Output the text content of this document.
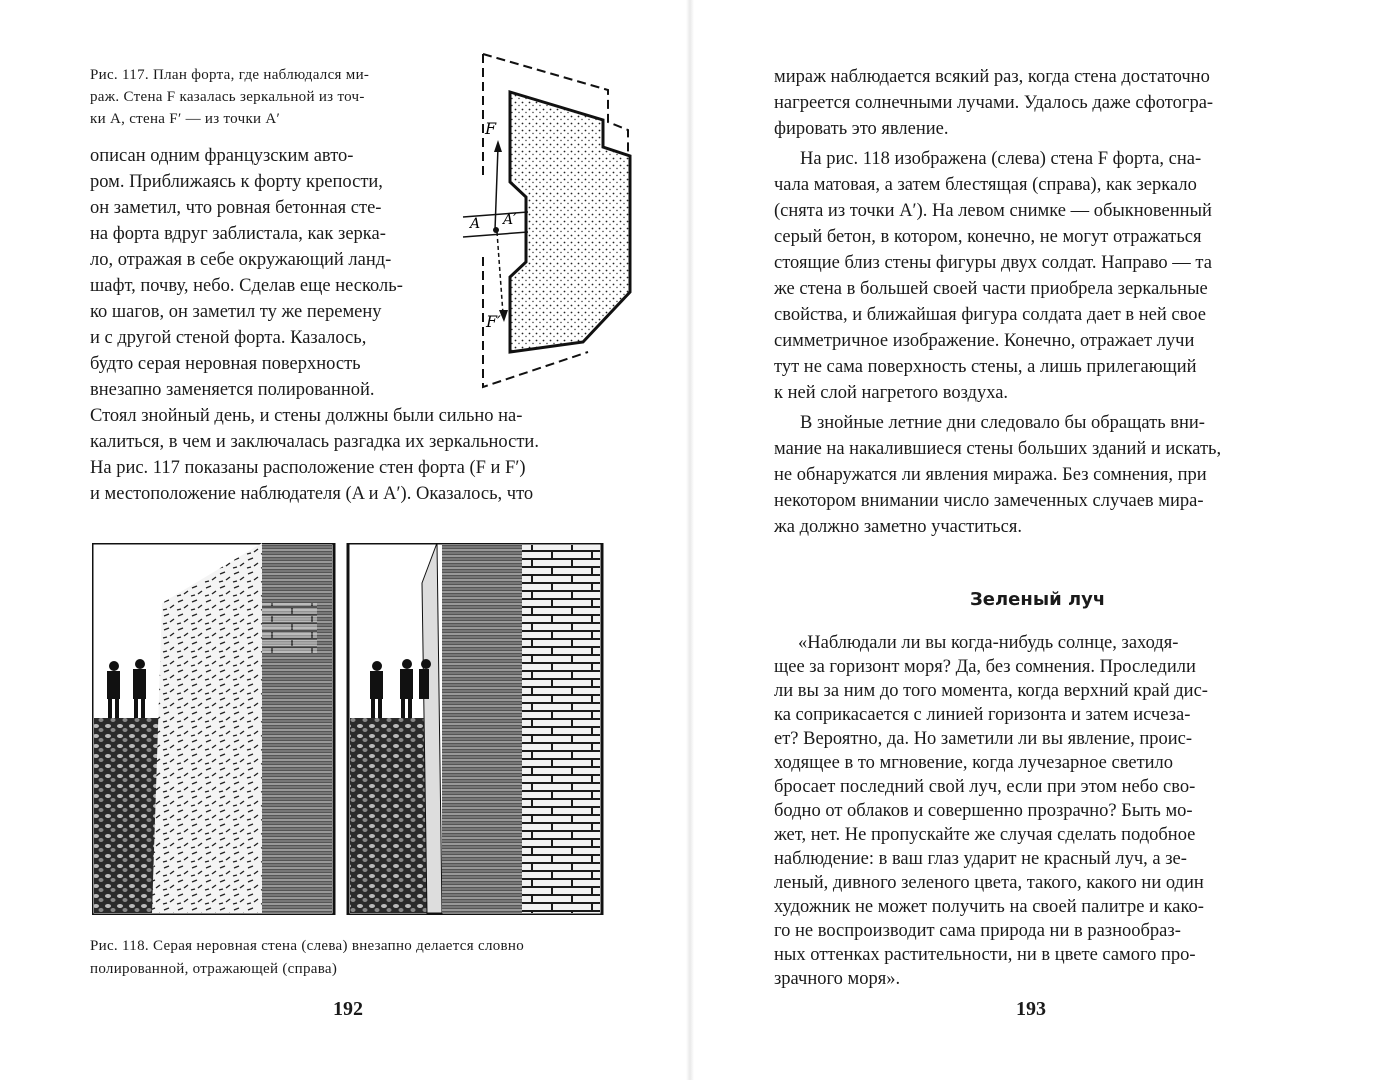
Рис. 117. План форта, где наблюдался ми-
раж. Стена F казалась зеркальной из точ-
ки A, стена F′ — из точки A′	F
F′
A A′
описан одним французским авто-
ром. Приближаясь к форту крепости,
он заметил, что ровная бетонная сте-
на форта вдруг заблистала, как зерка-
ло, отражая в себе окружающий ланд-
шафт, почву, небо. Сделав еще несколь-
ко шагов, он заметил ту же перемену
и с другой стеной форта. Казалось,
будто серая неровная поверхность
внезапно заменяется полированной.
Стоял знойный день, и стены должны были сильно на-
калиться, в чем и заключалась разгадка их зеркальности.
На рис. 117 показаны расположение стен форта (F и F′)
и местоположение наблюдателя (A и A′). Оказалось, что
Рис. 118. Серая неровная стена (слева) внезапно делается словно
полированной, отражающей (справа)
192
мираж наблюдается всякий раз, когда стена достаточно
нагреется солнечными лучами. Удалось даже сфотогра-
фировать это явление.
На рис. 118 изображена (слева) стена F форта, сна-
чала матовая, а затем блестящая (справа), как зеркало
(снята из точки A′). На левом снимке — обыкновенный
серый бетон, в котором, конечно, не могут отражаться
стоящие близ стены фигуры двух солдат. Направо — та
же стена в большей своей части приобрела зеркальные
свойства, и ближайшая фигура солдата дает в ней свое
симметричное изображение. Конечно, отражает лучи
тут не сама поверхность стены, а лишь прилегающий
к ней слой нагретого воздуха.
В знойные летние дни следовало бы обращать вни-
мание на накалившиеся стены больших зданий и искать,
не обнаружатся ли явления миража. Без сомнения, при
некотором внимании число замеченных случаев мира-
жа должно заметно участиться.
Зеленый луч
«Наблюдали ли вы когда-нибудь солнце, заходя-
щее за горизонт моря? Да, без сомнения. Проследили
ли вы за ним до того момента, когда верхний край дис-
ка соприкасается с линией горизонта и затем исчеза-
ет? Вероятно, да. Но заметили ли вы явление, проис-
ходящее в то мгновение, когда лучезарное светило
бросает последний свой луч, если при этом небо сво-
бодно от облаков и совершенно прозрачно? Быть мо-
жет, нет. Не пропускайте же случая сделать подобное
наблюдение: в ваш глаз ударит не красный луч, а зе-
леный, дивного зеленого цвета, такого, какого ни один
художник не может получить на своей палитре и како-
го не воспроизводит сама природа ни в разнообраз-
ных оттенках растительности, ни в цвете самого про-
зрачного моря».
193
